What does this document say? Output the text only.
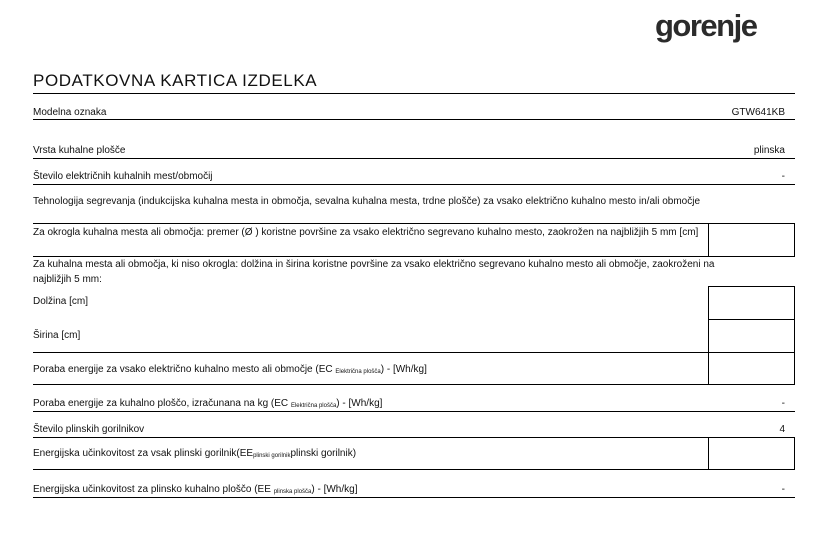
gorenje
PODATKOVNA KARTICA IZDELKA
Modelna oznaka	GTW641KB
Vrsta kuhalne plošče	plinska
Število električnih kuhalnih mest/območij	-
Tehnologija segrevanja (indukcijska kuhalna mesta in območja, sevalna kuhalna mesta, trdne plošče) za vsako električno kuhalno mesto in/ali območje
Za okrogla kuhalna mesta ali območja: premer (Ø ) koristne površine za vsako električno segrevano kuhalno mesto, zaokrožen na najbližjih 5 mm [cm]
Za kuhalna mesta ali območja, ki niso okrogla: dolžina in širina koristne površine za vsako električno segrevano kuhalno mesto ali območje, zaokroženi na najbližjih 5 mm:
Dolžina [cm]
Širina [cm]
Poraba energije za vsako električno kuhalno mesto ali območje (EC $_{Električna plošča}$) - [Wh/kg]
Poraba energije za kuhalno ploščo, izračunana na kg (EC $_{Električna plošča}$) - [Wh/kg]	-
Število plinskih gorilnikov	4
Energijska učinkovitost za vsak plinski $gorilnik(EE_{plinski gorilnik}plinski$ gorilnik)
Energijska učinkovitost za plinsko kuhalno ploščo (EE $_{plinska plošča}$) - [Wh/kg]	-
